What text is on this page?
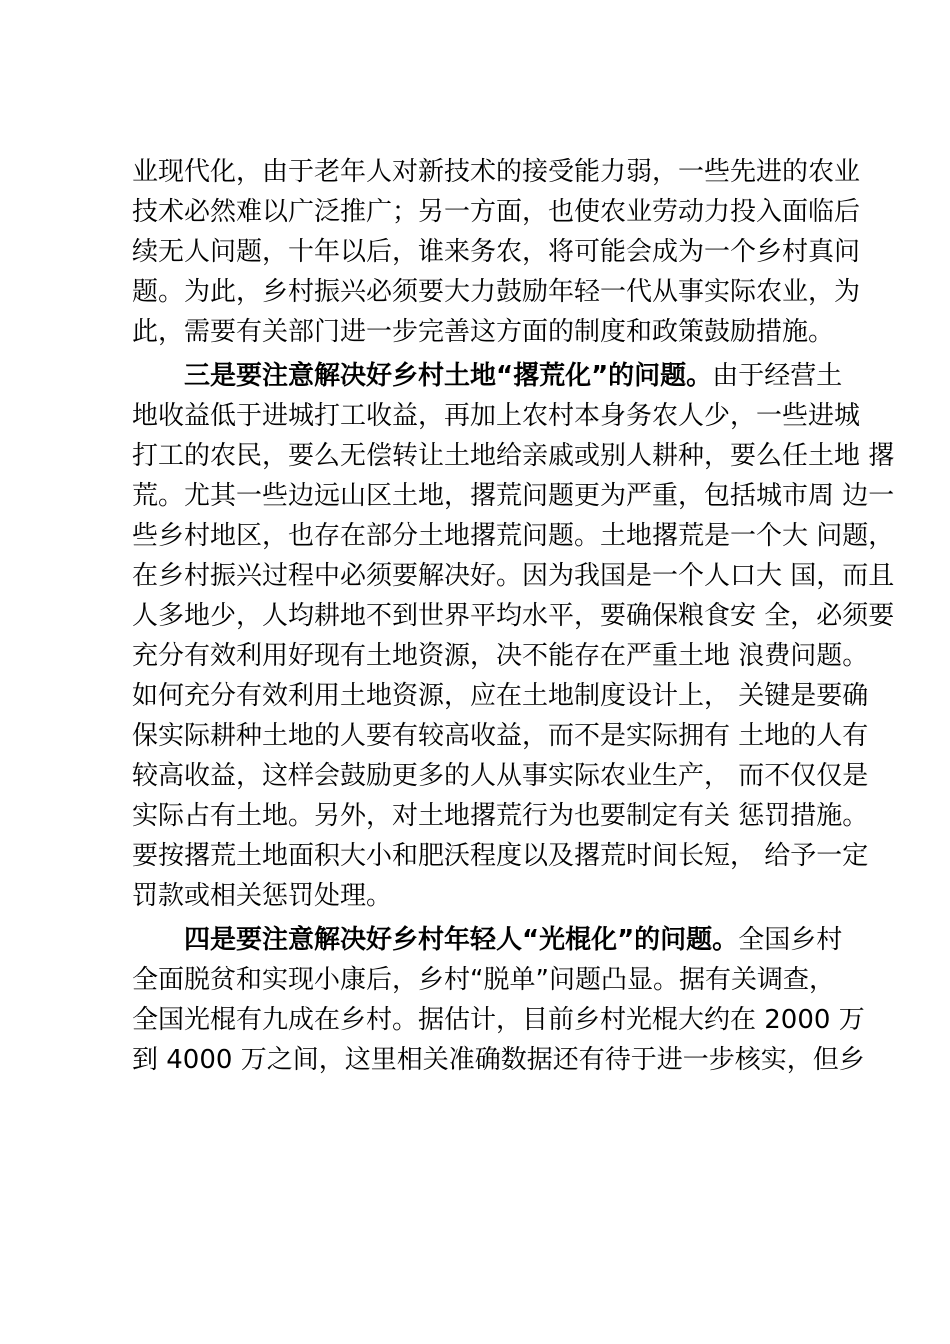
业现代化，由于老年人对新技术的接受能力弱，一些先进的农业
技术必然难以广泛推广；另一方面，也使农业劳动力投入面临后
续无人问题，十年以后，谁来务农，将可能会成为一个乡村真问
题。为此，乡村振兴必须要大力鼓励年轻一代从事实际农业，为
此，需要有关部门进一步完善这方面的制度和政策鼓励措施。
三是要注意解决好乡村土地“撂荒化”的问题。由于经营土
地收益低于进城打工收益，再加上农村本身务农人少，一些进城
打工的农民，要么无偿转让土地给亲戚或别人耕种，要么任土地 撂
荒。尤其一些边远山区土地，撂荒问题更为严重，包括城市周 边一
些乡村地区，也存在部分土地撂荒问题。土地撂荒是一个大 问题，
在乡村振兴过程中必须要解决好。因为我国是一个人口大 国，而且
人多地少，人均耕地不到世界平均水平，要确保粮食安 全，必须要
充分有效利用好现有土地资源，决不能存在严重土地 浪费问题。
如何充分有效利用土地资源，应在土地制度设计上， 关键是要确
保实际耕种土地的人要有较高收益，而不是实际拥有 土地的人有
较高收益，这样会鼓励更多的人从事实际农业生产， 而不仅仅是
实际占有土地。另外，对土地撂荒行为也要制定有关 惩罚措施。
要按撂荒土地面积大小和肥沃程度以及撂荒时间长短， 给予一定
罚款或相关惩罚处理。
四是要注意解决好乡村年轻人“光棍化”的问题。全国乡村
全面脱贫和实现小康后，乡村“脱单”问题凸显。据有关调查，
全国光棍有九成在乡村。据估计，目前乡村光棍大约在 2000 万
到 4000 万之间，这里相关准确数据还有待于进一步核实，但乡
